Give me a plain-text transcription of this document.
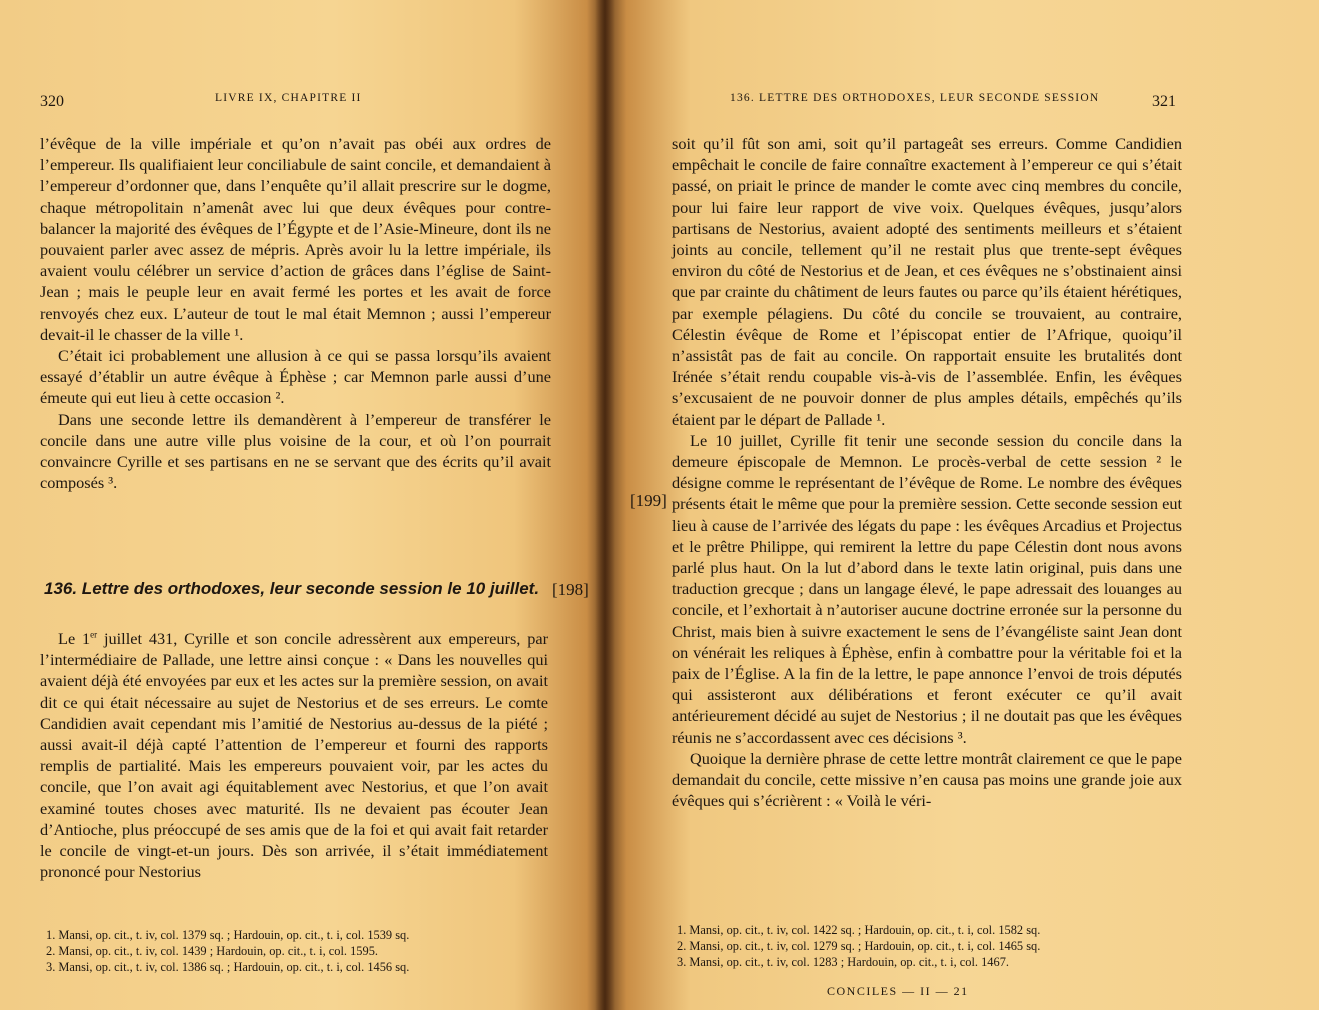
320	LIVRE IX, CHAPITRE II

l’évêque de la ville impériale et qu’on n’avait pas obéi aux ordres de l’empereur. Ils qualifiaient leur conciliabule de saint concile, et demandaient à l’empereur d’ordonner que, dans l’enquête qu’il allait prescrire sur le dogme, chaque métropolitain n’amenât avec lui que deux évêques pour contre-balancer la majorité des évêques de l’Égypte et de l’Asie-Mineure, dont ils ne pouvaient parler avec assez de mépris. Après avoir lu la lettre impériale, ils avaient voulu célébrer un service d’action de grâces dans l’église de Saint-Jean ; mais le peuple leur en avait fermé les portes et les avait de force renvoyés chez eux. L’auteur de tout le mal était Memnon ; aussi l’empereur devait-il le chasser de la ville ¹.

C’était ici probablement une allusion à ce qui se passa lorsqu’ils avaient essayé d’établir un autre évêque à Éphèse ; car Memnon parle aussi d’une émeute qui eut lieu à cette occasion ².

Dans une seconde lettre ils demandèrent à l’empereur de transférer le concile dans une autre ville plus voisine de la cour, et où l’on pourrait convaincre Cyrille et ses partisans en ne se servant que des écrits qu’il avait composés ³.

136. Lettre des orthodoxes, leur seconde session le 10 juillet. [198]

Le 1er juillet 431, Cyrille et son concile adressèrent aux empereurs, par l’intermédiaire de Pallade, une lettre ainsi conçue : « Dans les nouvelles qui avaient déjà été envoyées par eux et les actes sur la première session, on avait dit ce qui était nécessaire au sujet de Nestorius et de ses erreurs. Le comte Candidien avait cependant mis l’amitié de Nestorius au-dessus de la piété ; aussi avait-il déjà capté l’attention de l’empereur et fourni des rapports remplis de partialité. Mais les empereurs pouvaient voir, par les actes du concile, que l’on avait agi équitablement avec Nestorius, et que l’on avait examiné toutes choses avec maturité. Ils ne devaient pas écouter Jean d’Antioche, plus préoccupé de ses amis que de la foi et qui avait fait retarder le concile de vingt-et-un jours. Dès son arrivée, il s’était immédiatement prononcé pour Nestorius

1. Mansi, op. cit., t. iv, col. 1379 sq. ; Hardouin, op. cit., t. i, col. 1539 sq.
2. Mansi, op. cit., t. iv, col. 1439 ; Hardouin, op. cit., t. i, col. 1595.
3. Mansi, op. cit., t. iv, col. 1386 sq. ; Hardouin, op. cit., t. i, col. 1456 sq.
136. LETTRE DES ORTHODOXES, LEUR SECONDE SESSION	321
[199]

soit qu’il fût son ami, soit qu’il partageât ses erreurs. Comme Candidien empêchait le concile de faire connaître exactement à l’empereur ce qui s’était passé, on priait le prince de mander le comte avec cinq membres du concile, pour lui faire leur rapport de vive voix. Quelques évêques, jusqu’alors partisans de Nestorius, avaient adopté des sentiments meilleurs et s’étaient joints au concile, tellement qu’il ne restait plus que trente-sept évêques environ du côté de Nestorius et de Jean, et ces évêques ne s’obstinaient ainsi que par crainte du châtiment de leurs fautes ou parce qu’ils étaient hérétiques, par exemple pélagiens. Du côté du concile se trouvaient, au contraire, Célestin évêque de Rome et l’épiscopat entier de l’Afrique, quoiqu’il n’assistât pas de fait au concile. On rapportait ensuite les brutalités dont Irénée s’était rendu coupable vis-à-vis de l’assemblée. Enfin, les évêques s’excusaient de ne pouvoir donner de plus amples détails, empêchés qu’ils étaient par le départ de Pallade ¹.

Le 10 juillet, Cyrille fit tenir une seconde session du concile dans la demeure épiscopale de Memnon. Le procès-verbal de cette session ² le désigne comme le représentant de l’évêque de Rome. Le nombre des évêques présents était le même que pour la première session. Cette seconde session eut lieu à cause de l’arrivée des légats du pape : les évêques Arcadius et Projectus et le prêtre Philippe, qui remirent la lettre du pape Célestin dont nous avons parlé plus haut. On la lut d’abord dans le texte latin original, puis dans une traduction grecque ; dans un langage élevé, le pape adressait des louanges au concile, et l’exhortait à n’autoriser aucune doctrine erronée sur la personne du Christ, mais bien à suivre exactement le sens de l’évangéliste saint Jean dont on vénérait les reliques à Éphèse, enfin à combattre pour la véritable foi et la paix de l’Église. A la fin de la lettre, le pape annonce l’envoi de trois députés qui assisteront aux délibérations et feront exécuter ce qu’il avait antérieurement décidé au sujet de Nestorius ; il ne doutait pas que les évêques réunis ne s’accordassent avec ces décisions ³.

Quoique la dernière phrase de cette lettre montrât clairement ce que le pape demandait du concile, cette missive n’en causa pas moins une grande joie aux évêques qui s’écrièrent : « Voilà le véri-

1. Mansi, op. cit., t. iv, col. 1422 sq. ; Hardouin, op. cit., t. i, col. 1582 sq.
2. Mansi, op. cit., t. iv, col. 1279 sq. ; Hardouin, op. cit., t. i, col. 1465 sq.
3. Mansi, op. cit., t. iv, col. 1283 ; Hardouin, op. cit., t. i, col. 1467.
CONCILES — II — 21
